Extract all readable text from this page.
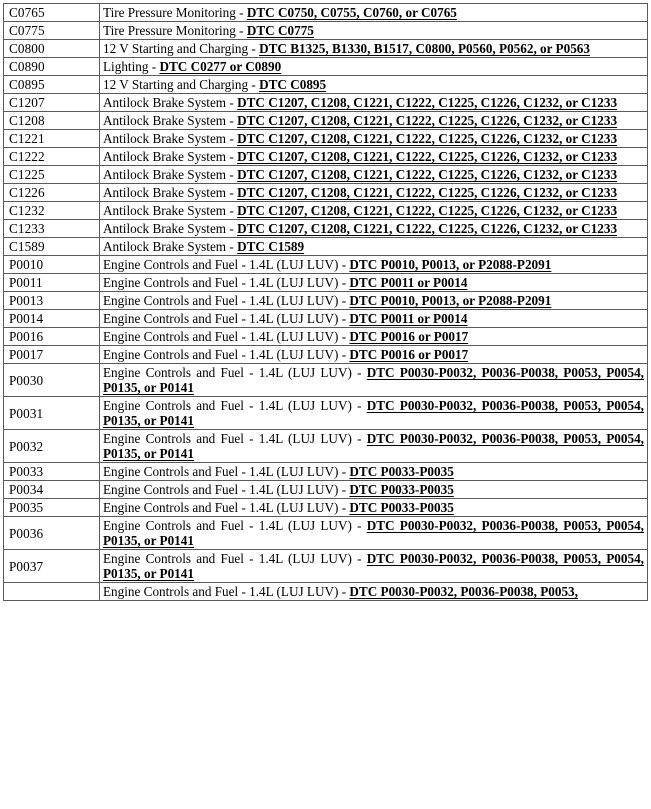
C0765	Tire Pressure Monitoring - DTC C0750, C0755, C0760, or C0765
C0775	Tire Pressure Monitoring - DTC C0775
C0800	12 V Starting and Charging - DTC B1325, B1330, B1517, C0800, P0560, P0562, or P0563
C0890	Lighting - DTC C0277 or C0890
C0895	12 V Starting and Charging - DTC C0895
C1207	Antilock Brake System - DTC C1207, C1208, C1221, C1222, C1225, C1226, C1232, or C1233
C1208	Antilock Brake System - DTC C1207, C1208, C1221, C1222, C1225, C1226, C1232, or C1233
C1221	Antilock Brake System - DTC C1207, C1208, C1221, C1222, C1225, C1226, C1232, or C1233
C1222	Antilock Brake System - DTC C1207, C1208, C1221, C1222, C1225, C1226, C1232, or C1233
C1225	Antilock Brake System - DTC C1207, C1208, C1221, C1222, C1225, C1226, C1232, or C1233
C1226	Antilock Brake System - DTC C1207, C1208, C1221, C1222, C1225, C1226, C1232, or C1233
C1232	Antilock Brake System - DTC C1207, C1208, C1221, C1222, C1225, C1226, C1232, or C1233
C1233	Antilock Brake System - DTC C1207, C1208, C1221, C1222, C1225, C1226, C1232, or C1233
C1589	Antilock Brake System - DTC C1589
P0010	Engine Controls and Fuel - 1.4L (LUJ LUV) - DTC P0010, P0013, or P2088-P2091
P0011	Engine Controls and Fuel - 1.4L (LUJ LUV) - DTC P0011 or P0014
P0013	Engine Controls and Fuel - 1.4L (LUJ LUV) - DTC P0010, P0013, or P2088-P2091
P0014	Engine Controls and Fuel - 1.4L (LUJ LUV) - DTC P0011 or P0014
P0016	Engine Controls and Fuel - 1.4L (LUJ LUV) - DTC P0016 or P0017
P0017	Engine Controls and Fuel - 1.4L (LUJ LUV) - DTC P0016 or P0017
P0030	Engine Controls and Fuel - 1.4L (LUJ LUV) - DTC P0030-P0032, P0036-P0038, P0053, P0054, P0135, or P0141
P0031	Engine Controls and Fuel - 1.4L (LUJ LUV) - DTC P0030-P0032, P0036-P0038, P0053, P0054, P0135, or P0141
P0032	Engine Controls and Fuel - 1.4L (LUJ LUV) - DTC P0030-P0032, P0036-P0038, P0053, P0054, P0135, or P0141
P0033	Engine Controls and Fuel - 1.4L (LUJ LUV) - DTC P0033-P0035
P0034	Engine Controls and Fuel - 1.4L (LUJ LUV) - DTC P0033-P0035
P0035	Engine Controls and Fuel - 1.4L (LUJ LUV) - DTC P0033-P0035
P0036	Engine Controls and Fuel - 1.4L (LUJ LUV) - DTC P0030-P0032, P0036-P0038, P0053, P0054, P0135, or P0141
P0037	Engine Controls and Fuel - 1.4L (LUJ LUV) - DTC P0030-P0032, P0036-P0038, P0053, P0054, P0135, or P0141
	Engine Controls and Fuel - 1.4L (LUJ LUV) - DTC P0030-P0032, P0036-P0038, P0053,
